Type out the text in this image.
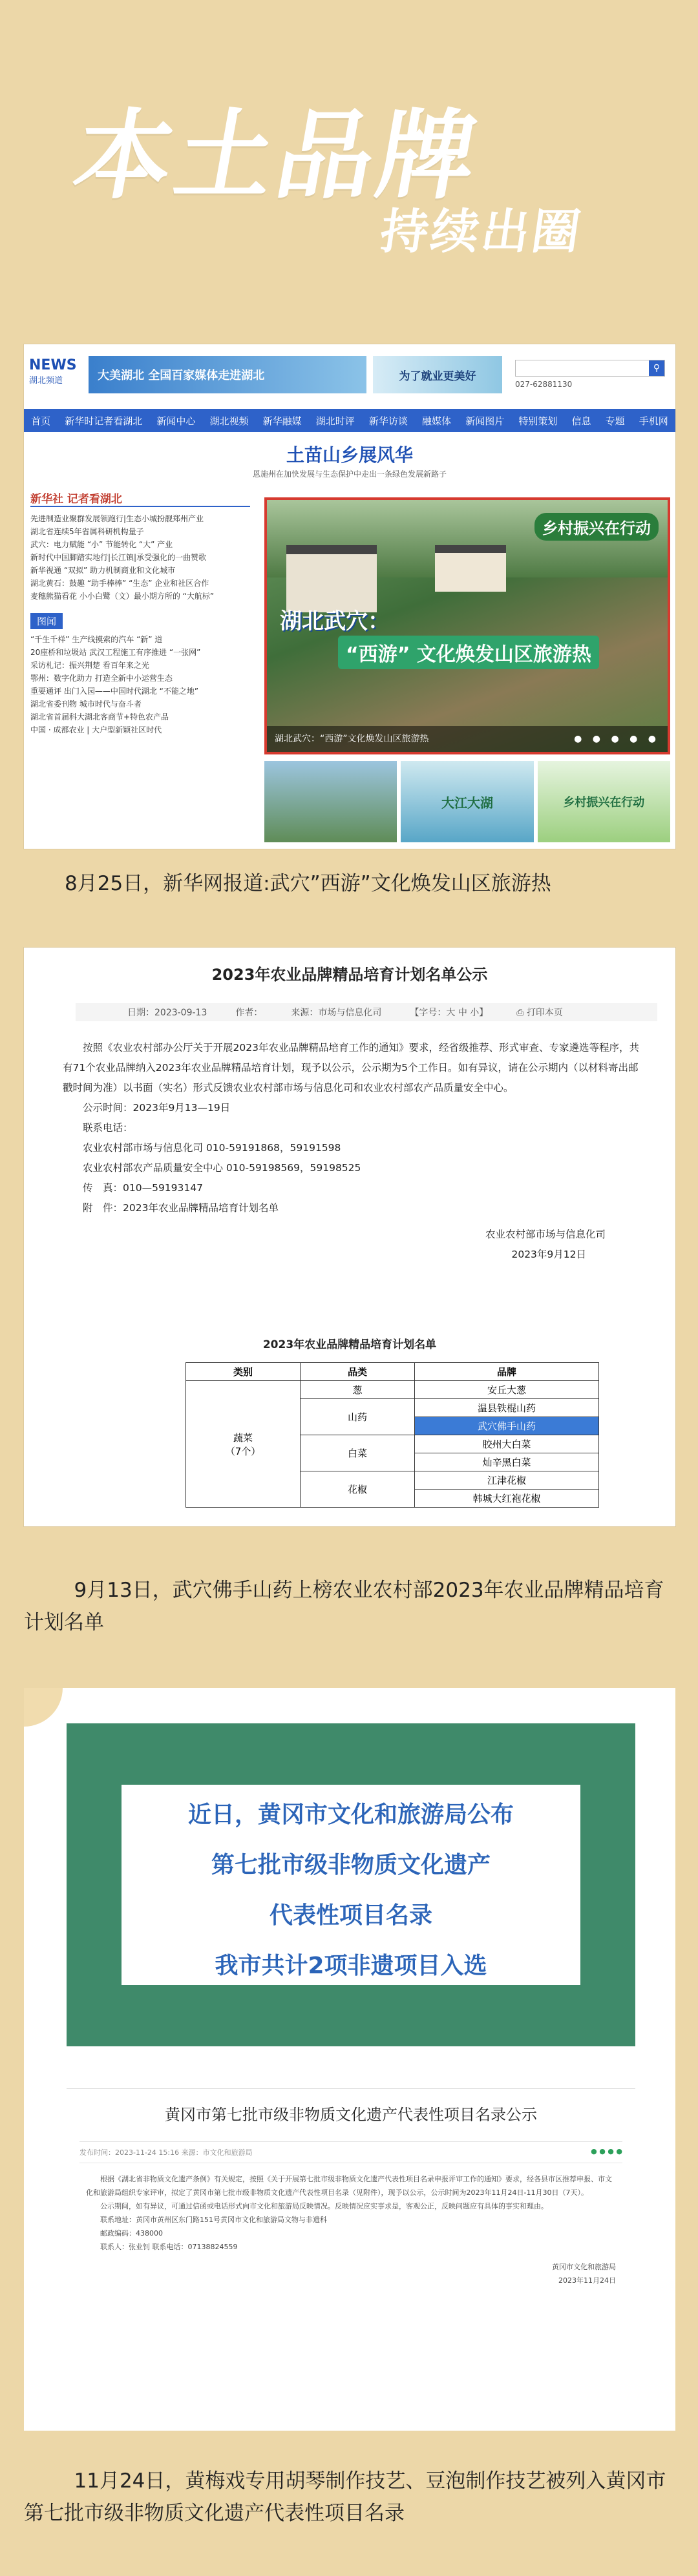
本土品牌
持续出圈
NEWS
湖北频道	大美湖北 全国百家媒体走进湖北	为了就业更美好
⚲
027-62881130
首页 新华时记者看湖北 新闻中心 湖北视频 新华融媒 湖北时评 新华访谈 融媒体 新闻图片 特别策划 信息 专题 手机网
土苗山乡展风华
恩施州在加快发展与生态保护中走出一条绿色发展新路子
新华社 记者看湖北
先进制造业聚群发展领跑行|生态小城扮靓郑州产业
湖北省连续5年省属科研机构量子
武穴：电力赋能 “小” 节能转化 “大” 产业
新时代中国脚踏实地行|长江镇|承受强化的一曲赞歌
新华视通 “双拟” 助力机制商业和文化城市
湖北黄石：鼓趣 “助手棒棒” “生态” 企业和社区合作
麦穗熊猫看花 小小白鹭（文）最小期方所的 “大航标”
图闻
“千生千样” 生产线摸索的汽车 “新” 道
20座桥和垃圾站 武汉工程施工有序推进 “一张网”
采访札记：振兴荆楚 看百年来之光
鄂州：数字化助力 打造全新中小运营生态
重要通评 出门入园——中国时代湖北 “不能之地”
湖北省委刊物 城市时代与奋斗者
湖北省首届科大湖北客商节+特色农产品
中国 · 成都农业 | 大户型新颖社区时代
乡村振兴在行动
湖北武穴：
“西游” 文化焕发山区旅游热
湖北武穴：“西游”文化焕发山区旅游热	● ● ● ● ●
大江大湖	乡村振兴在行动
8月25日，新华网报道:武穴”西游”文化焕发山区旅游热
2023年农业品牌精品培育计划名单公示
日期：2023-09-13	作者：	来源：市场与信息化司	【字号：大 中 小】	⎙ 打印本页
按照《农业农村部办公厅关于开展2023年农业品牌精品培育工作的通知》要求，经省级推荐、形式审查、专家遴选等程序，共有71个农业品牌纳入2023年农业品牌精品培育计划，现予以公示，公示期为5个工作日。如有异议，请在公示期内（以材料寄出邮戳时间为准）以书面（实名）形式反馈农业农村部市场与信息化司和农业农村部农产品质量安全中心。
公示时间：2023年9月13—19日
联系电话：
农业农村部市场与信息化司 010-59191868，59191598
农业农村部农产品质量安全中心 010-59198569，59198525
传　真：010—59193147
附　件：2023年农业品牌精品培育计划名单
农业农村部市场与信息化司
2023年9月12日
2023年农业品牌精品培育计划名单
类别	品类	品牌

蔬菜
（7个）	葱	安丘大葱
	山药	温县铁棍山药
		武穴佛手山药
	白菜	胶州大白菜
		灿辛黑白菜
	花椒	江津花椒
		韩城大红袍花椒
9月13日，武穴佛手山药上榜农业农村部2023年农业品牌精品培育计划名单
近日，黄冈市文化和旅游局公布
第七批市级非物质文化遗产
代表性项目名录
我市共计2项非遗项目入选
黄冈市第七批市级非物质文化遗产代表性项目名录公示
发布时间：2023-11-24 15:16 来源：市文化和旅游局	● ● ● ●
根据《湖北省非物质文化遗产条例》有关规定，按照《关于开展第七批市级非物质文化遗产代表性项目名录申报评审工作的通知》要求，经各县市区推荐申报、市文化和旅游局组织专家评审，拟定了黄冈市第七批市级非物质文化遗产代表性项目名录（见附件），现予以公示，公示时间为2023年11月24日-11月30日（7天）。
公示期间，如有异议，可通过信函或电话形式向市文化和旅游局反映情况。反映情况应实事求是，客观公正，反映问题应有具体的事实和理由。
联系地址：黄冈市黄州区东门路151号黄冈市文化和旅游局文物与非遗科
邮政编码：438000
联系人：张业钊 联系电话：07138824559
黄冈市文化和旅游局
2023年11月24日
11月24日，黄梅戏专用胡琴制作技艺、豆泡制作技艺被列入黄冈市第七批市级非物质文化遗产代表性项目名录
